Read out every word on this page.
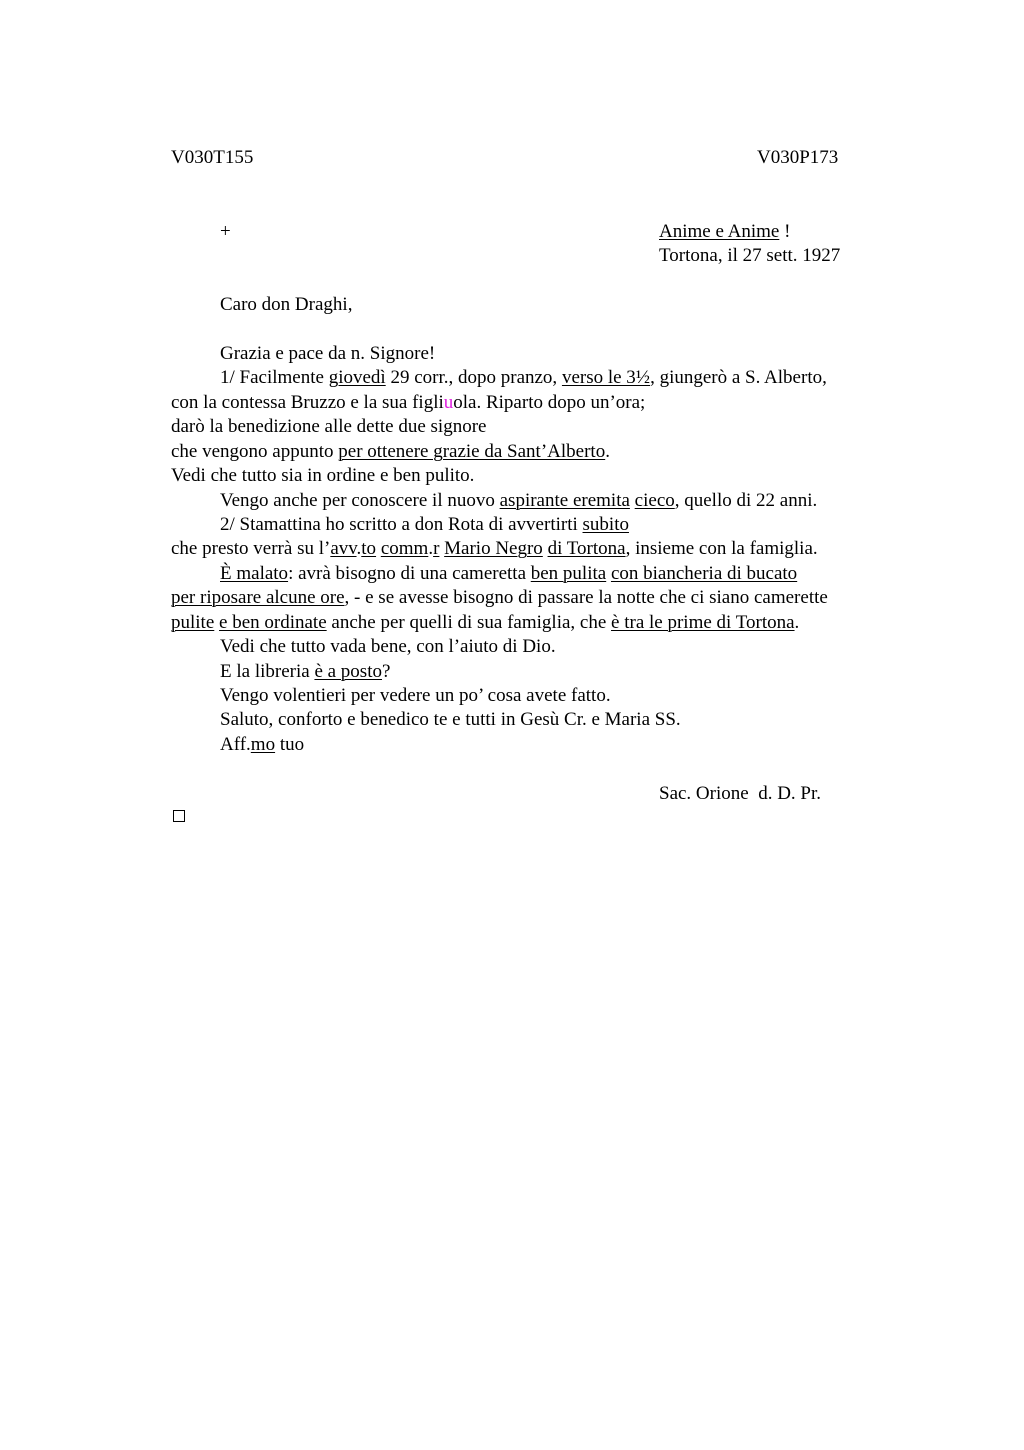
V030T155	V030P173
+	Anime e Anime !
Tortona, il 27 sett. 1927
Caro don Draghi,
Grazia e pace da n. Signore!
1/ Facilmente giovedì 29 corr., dopo pranzo, verso le 3½, giungerò a S. Alberto,
con la contessa Bruzzo e la sua figliuola. Riparto dopo un’ora;
darò la benedizione alle dette due signore
che vengono appunto per ottenere grazie da Sant’Alberto.
Vedi che tutto sia in ordine e ben pulito.
Vengo anche per conoscere il nuovo aspirante eremita cieco, quello di 22 anni.
2/ Stamattina ho scritto a don Rota di avvertirti subito
che presto verrà su l’avv.to comm.r Mario Negro di Tortona, insieme con la famiglia.
È malato: avrà bisogno di una cameretta ben pulita con biancheria di bucato
per riposare alcune ore, - e se avesse bisogno di passare la notte che ci siano camerette
pulite e ben ordinate anche per quelli di sua famiglia, che è tra le prime di Tortona.
Vedi che tutto vada bene, con l’aiuto di Dio.
E la libreria è a posto?
Vengo volentieri per vedere un po’ cosa avete fatto.
Saluto, conforto e benedico te e tutti in Gesù Cr. e Maria SS.
Aff.mo tuo
Sac. Orione  d. D. Pr.
